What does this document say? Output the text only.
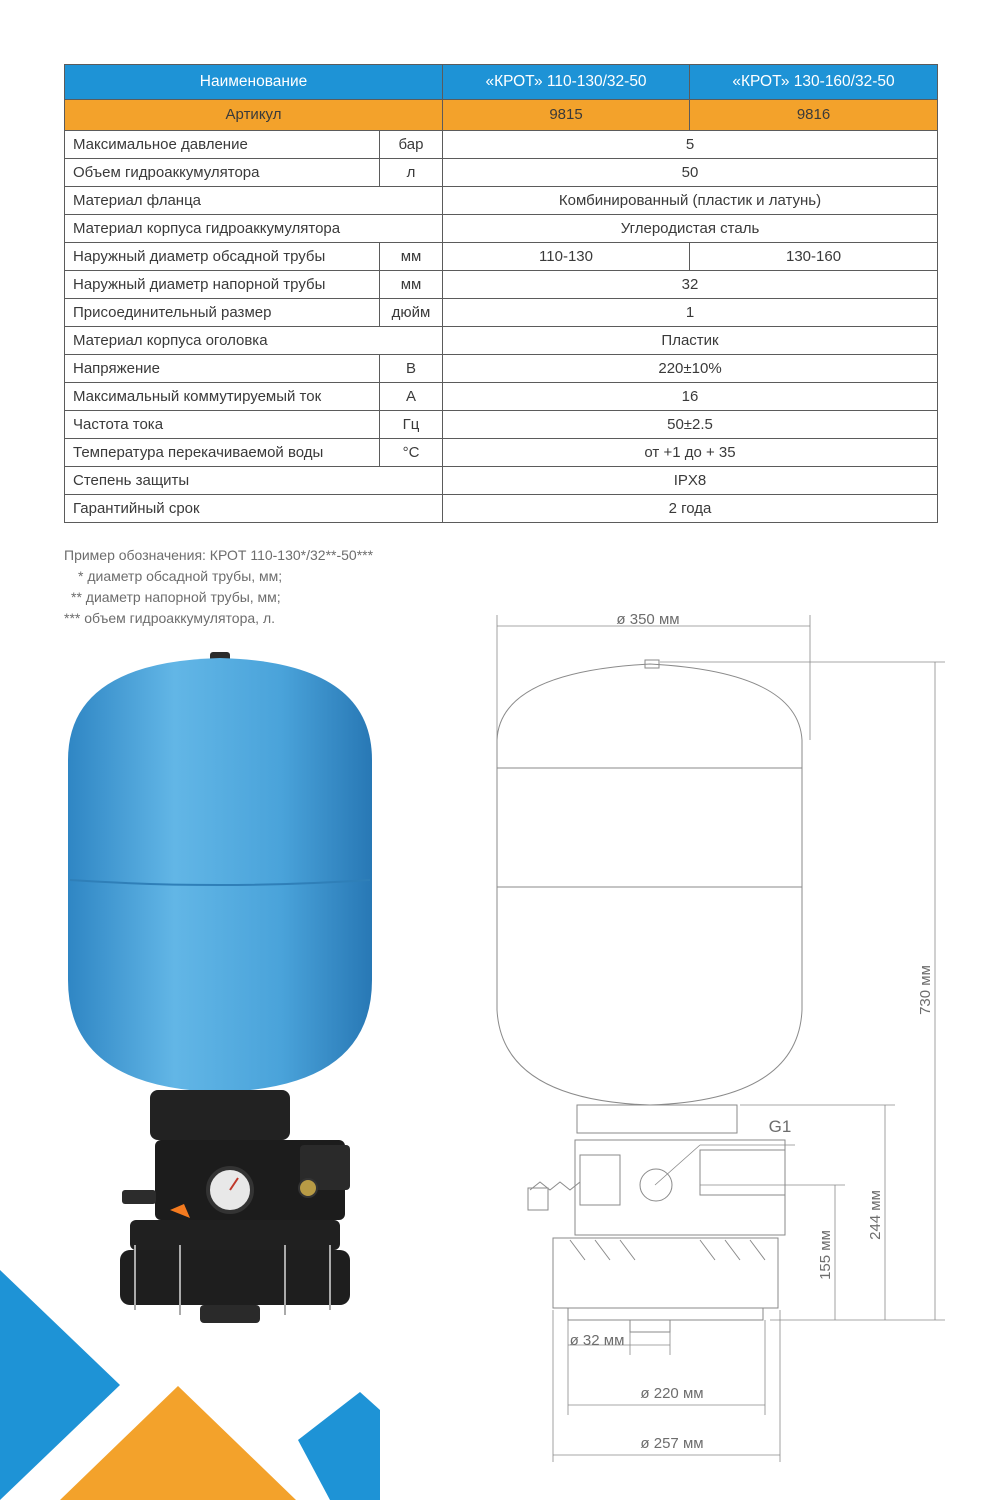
Наименование		«КРОТ» 110-130/32-50	«КРОТ» 130-160/32-50
Артикул		9815	9816
Максимальное давление	бар	5	
Объем гидроаккумулятора	л	50	
Материал фланца		Комбинированный (пластик и латунь)	
Материал корпуса гидроаккумулятора		Углеродистая сталь	
Наружный диаметр обсадной трубы	мм	110-130	130-160
Наружный диаметр напорной трубы	мм	32	
Присоединительный размер	дюйм	1	
Материал корпуса оголовка		Пластик	
Напряжение	В	220±10%	
Максимальный коммутируемый ток	А	16	
Частота тока	Гц	50±2.5	
Температура перекачиваемой воды	°С	от +1 до + 35	
Степень защиты		IPX8	
Гарантийный срок		2 года	
Пример обозначения: КРОТ 110-130*/32**-50***
* диаметр обсадной трубы, мм;
** диаметр напорной трубы, мм;
*** объем гидроаккумулятора, л.	ø 350 мм
730 мм
G1
244 мм
155 мм
ø 32 мм
ø 220 мм
ø 257 мм
